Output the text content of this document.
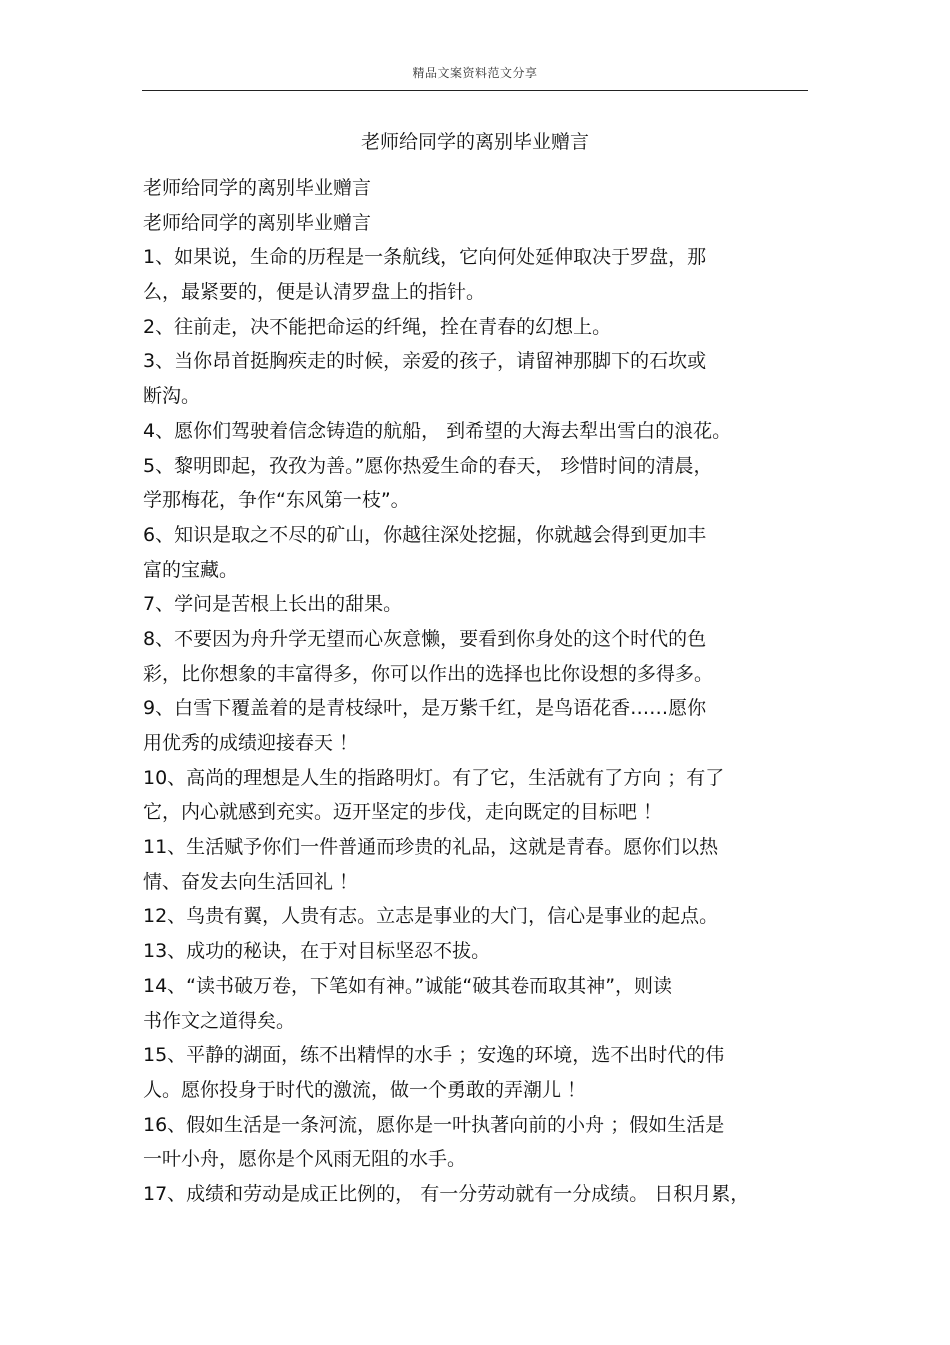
精品文案资料范文分享
老师给同学的离别毕业赠言
老师给同学的离别毕业赠言
老师给同学的离别毕业赠言
1、如果说，生命的历程是一条航线，它向何处延伸取决于罗盘，那
么，最紧要的，便是认清罗盘上的指针。
2、往前走，决不能把命运的纤绳，拴在青春的幻想上。
3、当你昂首挺胸疾走的时候，亲爱的孩子，请留神那脚下的石坎或
断沟。
4、愿你们驾驶着信念铸造的航船， 到希望的大海去犁出雪白的浪花。
5、黎明即起，孜孜为善。”愿你热爱生命的春天， 珍惜时间的清晨，
学那梅花，争作“东风第一枝”。
6、知识是取之不尽的矿山，你越往深处挖掘，你就越会得到更加丰
富的宝藏。
7、学问是苦根上长出的甜果。
8、不要因为舟升学无望而心灰意懒，要看到你身处的这个时代的色
彩，比你想象的丰富得多，你可以作出的选择也比你设想的多得多。
9、白雪下覆盖着的是青枝绿叶，是万紫千红，是鸟语花香……愿你
用优秀的成绩迎接春天 ！
10、高尚的理想是人生的指路明灯。有了它，生活就有了方向 ；有了
它，内心就感到充实。迈开坚定的步伐，走向既定的目标吧 ！
11、生活赋予你们一件普通而珍贵的礼品，这就是青春。愿你们以热
情、奋发去向生活回礼 ！
12、鸟贵有翼，人贵有志。立志是事业的大门，信心是事业的起点。
13、成功的秘诀，在于对目标坚忍不拔。
14、“读书破万卷，下笔如有神。”诚能“破其卷而取其神”，则读
书作文之道得矣。
15、平静的湖面，练不出精悍的水手 ；安逸的环境，选不出时代的伟
人。愿你投身于时代的激流，做一个勇敢的弄潮儿 ！
16、假如生活是一条河流，愿你是一叶执著向前的小舟 ；假如生活是
一叶小舟，愿你是个风雨无阻的水手。
17、成绩和劳动是成正比例的， 有一分劳动就有一分成绩。 日积月累，
